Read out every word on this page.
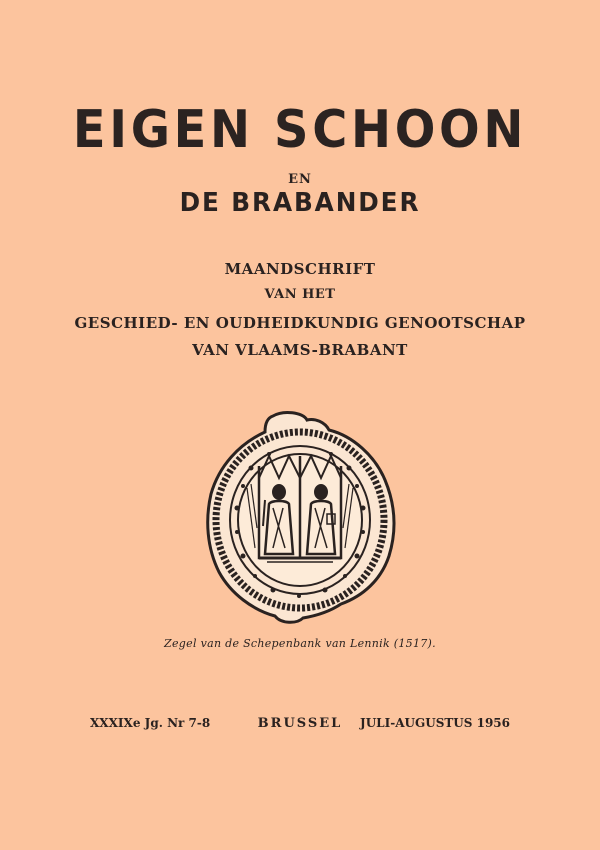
EIGEN SCHOON
EN
DE BRABANDER
MAANDSCHRIFT
VAN HET
GESCHIED- EN OUDHEIDKUNDIG GENOOTSCHAP
VAN VLAAMS-BRABANT
Zegel van de Schepenbank van Lennik (1517).
XXXIXe Jg. Nr 7-8	BRUSSEL	JULI-AUGUSTUS 1956
